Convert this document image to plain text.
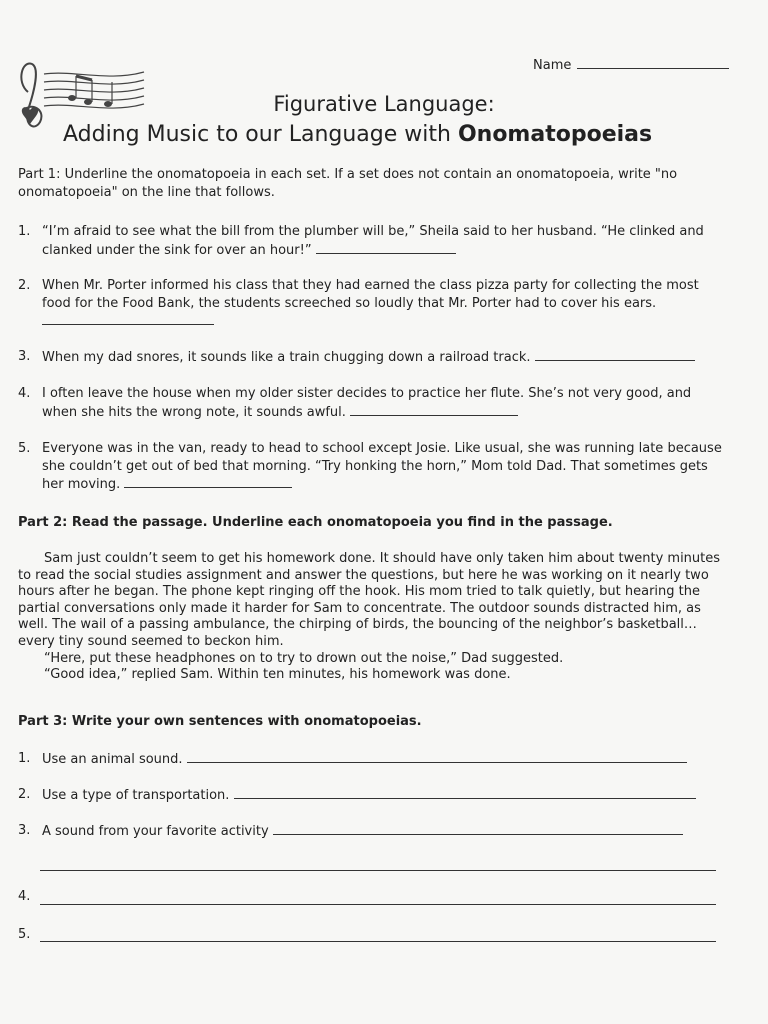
Name
Figurative Language:
Adding Music to our Language with Onomatopoeias
Part 1: Underline the onomatopoeia in each set. If a set does not contain an onomatopoeia, write "no onomatopoeia" on the line that follows.
1. “I’m afraid to see what the bill from the plumber will be,” Sheila said to her husband. “He clinked and clanked under the sink for over an hour!”
2. When Mr. Porter informed his class that they had earned the class pizza party for collecting the most food for the Food Bank, the students screeched so loudly that Mr. Porter had to cover his ears.
3. When my dad snores, it sounds like a train chugging down a railroad track.
4. I often leave the house when my older sister decides to practice her flute. She’s not very good, and when she hits the wrong note, it sounds awful.
5. Everyone was in the van, ready to head to school except Josie. Like usual, she was running late because she couldn’t get out of bed that morning. “Try honking the horn,” Mom told Dad. That sometimes gets her moving.
Part 2: Read the passage. Underline each onomatopoeia you find in the passage.

Sam just couldn’t seem to get his homework done. It should have only taken him about twenty minutes to read the social studies assignment and answer the questions, but here he was working on it nearly two hours after he began. The phone kept ringing off the hook. His mom tried to talk quietly, but hearing the partial conversations only made it harder for Sam to concentrate. The outdoor sounds distracted him, as well. The wail of a passing ambulance, the chirping of birds, the bouncing of the neighbor’s basketball… every tiny sound seemed to beckon him.

“Here, put these headphones on to try to drown out the noise,” Dad suggested.

“Good idea,” replied Sam. Within ten minutes, his homework was done.

Part 3: Write your own sentences with onomatopoeias.
1. Use an animal sound.
2. Use a type of transportation.
3. A sound from your favorite activity
4.
5.
